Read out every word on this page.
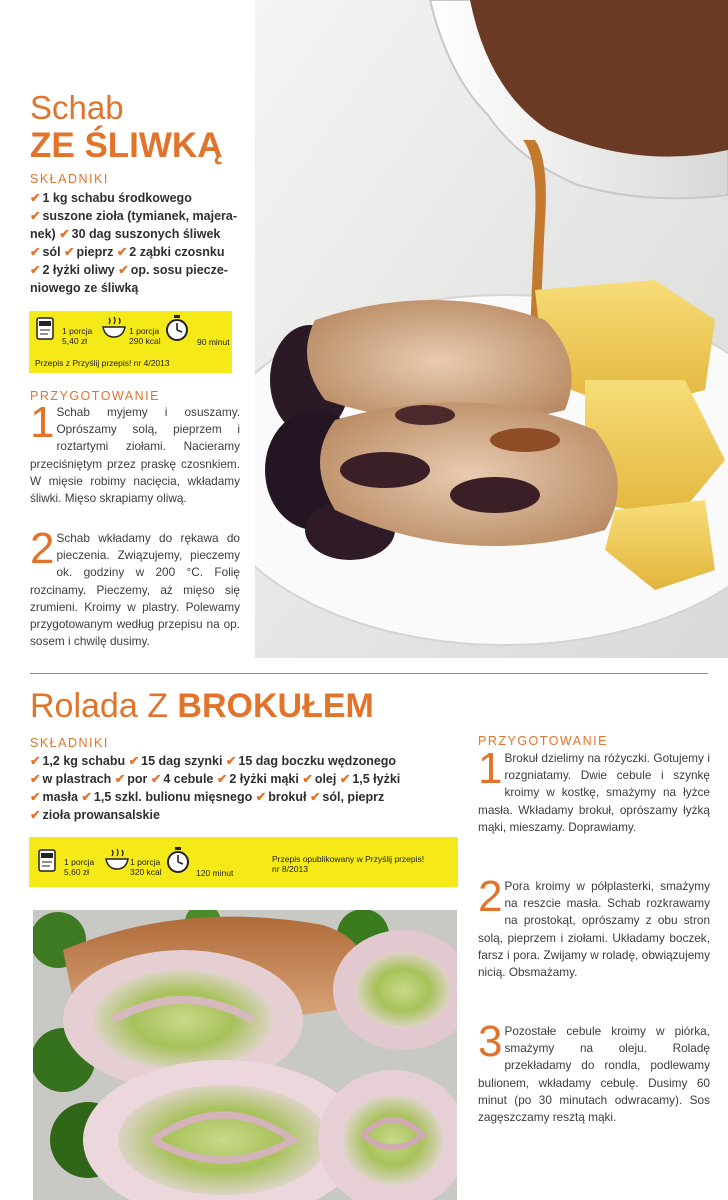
Schab
ZE ŚLIWKĄ
SKŁADNIKI
✔ 1 kg schabu środkowego
✔ suszone zioła (tymianek, majera-
nek) ✔ 30 dag suszonych śliwek
✔ sól ✔ pieprz ✔ 2 ząbki czosnku
✔ 2 łyżki oliwy ✔ op. sosu piecze-
niowego ze śliwką
1 porcja
5,40 zł
1 porcja
290 kcal	90 minut
Przepis z Przyślij przepis! nr 4/2013
PRZYGOTOWANIE
1 Schab myjemy i osuszamy. Oprószamy solą, pieprzem i roztartymi ziołami. Nacieramy przeciśniętym przez praskę czosnkiem. W mięsie robimy nacięcia, wkładamy śliwki. Mięso skrapiamy oliwą.
2 Schab wkładamy do rękawa do pieczenia. Związujemy, pieczemy ok. godziny w 200 °C. Folię rozcinamy. Pieczemy, aż mięso się zrumieni. Kroimy w plastry. Polewamy przygotowanym według przepisu na op. sosem i chwilę dusimy.
Rolada Z BROKUŁEM
SKŁADNIKI
✔ 1,2 kg schabu ✔ 15 dag szynki ✔ 15 dag boczku wędzonego
✔ w plastrach ✔ por ✔ 4 cebule ✔ 2 łyżki mąki ✔ olej ✔ 1,5 łyżki
✔ masła ✔ 1,5 szkl. bulionu mięsnego ✔ brokuł ✔ sól, pieprz
✔ zioła prowansalskie
1 porcja
5,60 zł
1 porcja
320 kcal	120 minut
Przepis opublikowany w Przyślij przepis!
nr 8/2013
PRZYGOTOWANIE
1 Brokuł dzielimy na różyczki. Gotujemy i rozgniatamy. Dwie cebule i szynkę kroimy w kostkę, smażymy na łyżce masła. Wkładamy brokuł, oprószamy łyżką mąki, mieszamy. Doprawiamy.
2 Pora kroimy w półplasterki, smażymy na reszcie masła. Schab rozkrawamy na prostokąt, oprószamy z obu stron solą, pieprzem i ziołami. Układamy boczek, farsz i pora. Zwijamy w roladę, obwiązujemy nicią. Obsmażamy.
3 Pozostałe cebule kroimy w piórka, smażymy na oleju. Roladę przekładamy do rondla, podlewamy bulionem, wkładamy cebulę. Dusimy 60 minut (po 30 minutach odwracamy). Sos zagęszczamy resztą mąki.
